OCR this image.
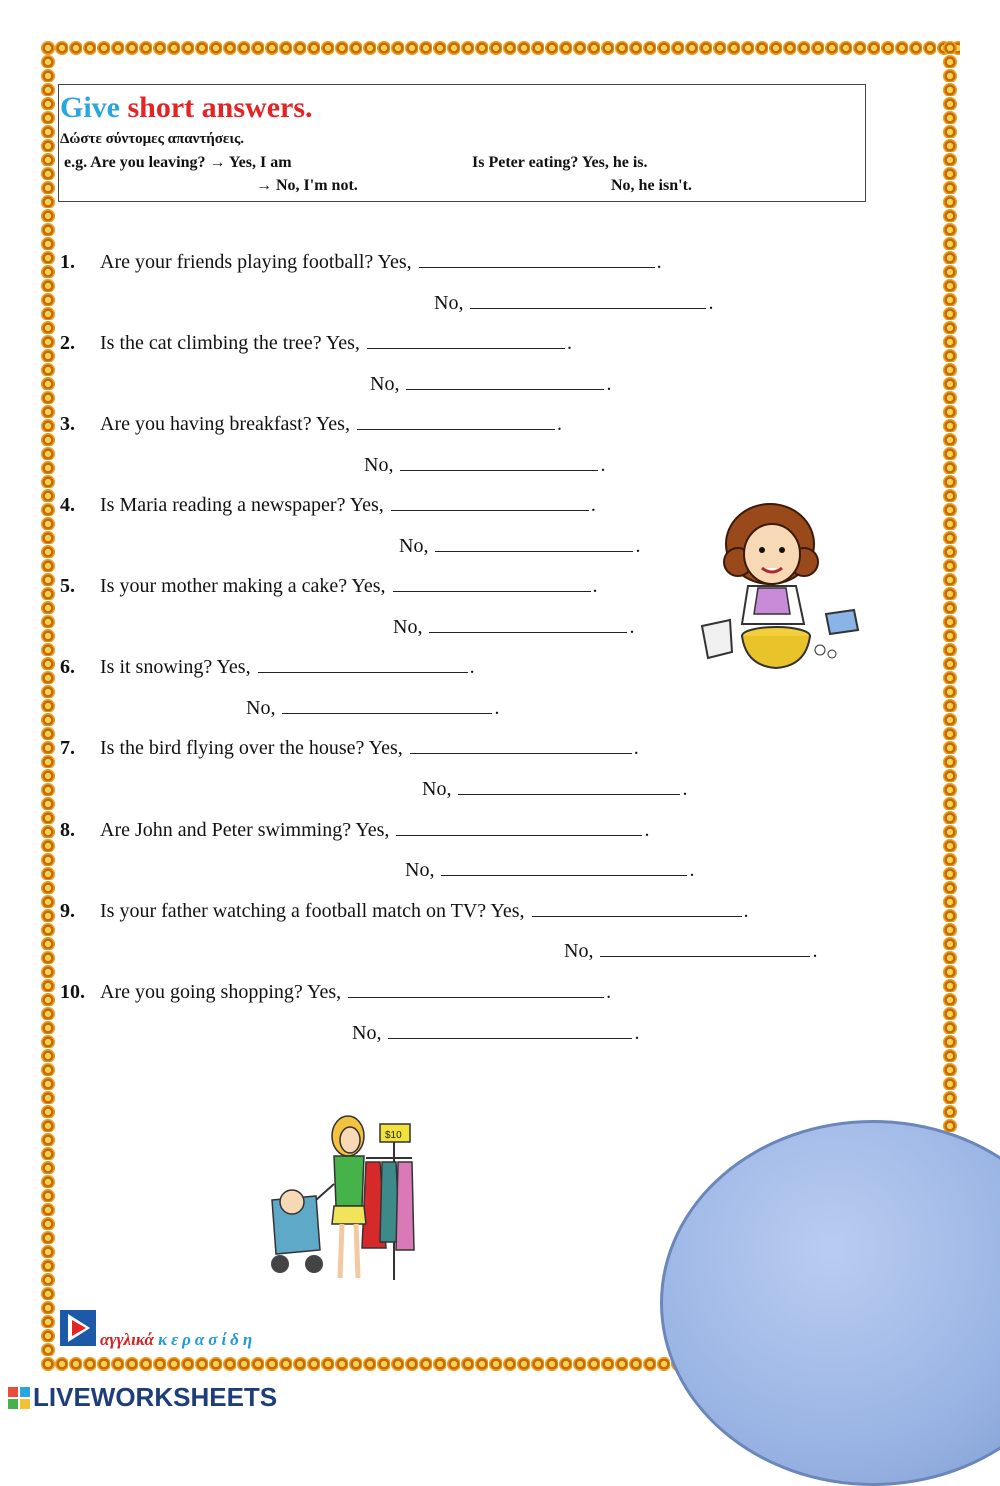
Give short answers.
Δώστε σύντομες απαντήσεις.
e.g. Are you leaving? → Yes, I am
→ No, I'm not.
Is Peter eating? Yes, he is.
No, he isn't.
1. Are your friends playing football? Yes,	.
No,	.
2. Is the cat climbing the tree? Yes,	.
No,	.
3. Are you having breakfast? Yes,	.
No,	.
4. Is Maria reading a newspaper? Yes,	.
No,	.
5. Is your mother making a cake? Yes,	.
No,	.
6. Is it snowing? Yes,	.
No,	.
7. Is the bird flying over the house? Yes,	.
No,	.
8. Are John and Peter swimming? Yes,	.
No,	.
9. Is your father watching a football match on TV? Yes,	.
No,	.
10. Are you going shopping? Yes,	.
No,	.
$10
αγγλικά κερασίδη
LIVEWORKSHEETS
